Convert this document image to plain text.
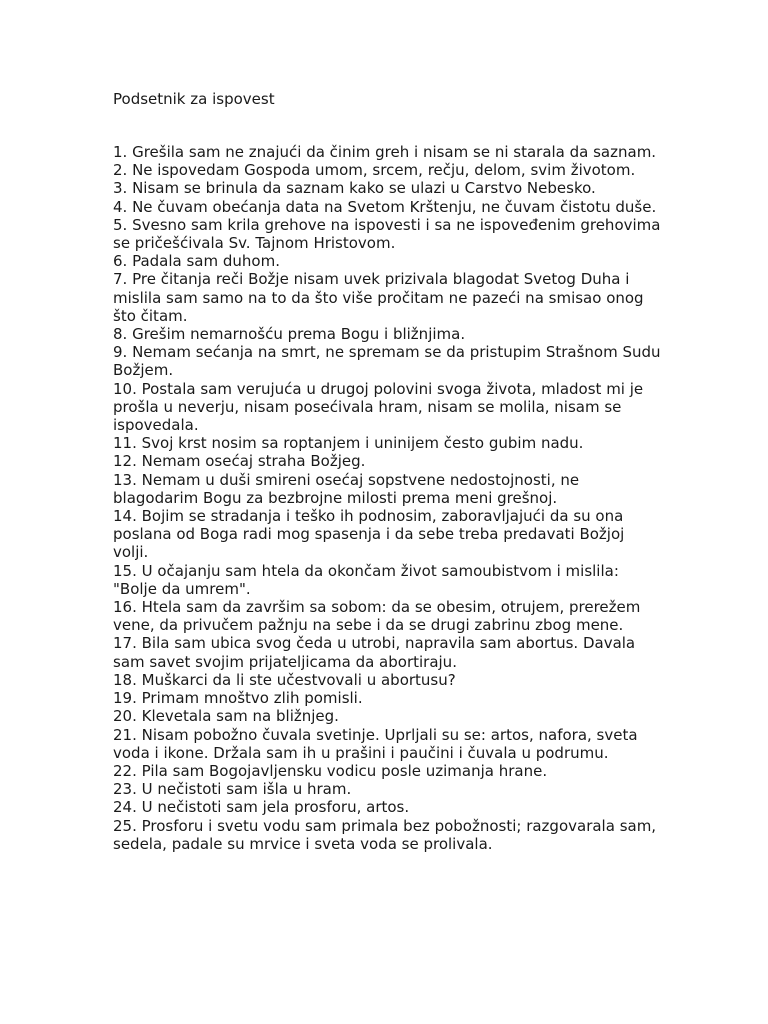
Podsetnik za ispovest
1. Grešila sam ne znajući da činim greh i nisam se ni starala da saznam.
2. Ne ispovedam Gospoda umom, srcem, rečju, delom, svim životom.
3. Nisam se brinula da saznam kako se ulazi u Carstvo Nebesko.
4. Ne čuvam obećanja data na Svetom Krštenju, ne čuvam čistotu duše.
5. Svesno sam krila grehove na ispovesti i sa ne ispovеđenim grehovima se pričešćivala Sv. Tajnom Hristovom.
6. Padala sam duhom.
7. Pre čitanja reči Božje nisam uvek prizivala blagodat Svetog Duha i mislila sam samo na to da što više pročitam ne pazeći na smisao onog što čitam.
8. Grešim nemarnošću prema Bogu i bližnjima.
9. Nemam sećanja na smrt, ne spremam se da pristupim Strašnom Sudu Božjem.
10. Postala sam verujuća u drugoj polovini svoga života, mladost mi je prošla u neverju, nisam posećivala hram, nisam se molila, nisam se ispovedala.
11. Svoj krst nosim sa roptanjem i uninijem često gubim nadu.
12. Nemam osećaj straha Božjeg.
13. Nemam u duši smireni osećaj sopstvene nedostojnosti, ne blagodarim Bogu za bezbrojne milosti prema meni grešnoj.
14. Bojim se stradanja i teško ih podnosim, zaboravljajući da su ona poslana od Boga radi mog spasenja i da sebe treba predavati Božjoj volji.
15. U očajanju sam htela da okončam život samoubistvom i mislila: "Bolje da umrem".
16. Htela sam da završim sa sobom: da se obesim, otrujem, prerežem vene, da privučem pažnju na sebe i da se drugi zabrinu zbog mene.
17. Bila sam ubica svog čeda u utrobi, napravila sam abortus. Davala sam savet svojim prijateljicama da abortiraju.
18. Muškarci da li ste učestvovali u abortusu?
19. Primam mnoštvo zlih pomisli.
20. Klevetala sam na bližnjeg.
21. Nisam pobožno čuvala svetinje. Uprljali su se: artos, nafora, sveta voda i ikone. Držala sam ih u prašini i paučini i čuvala u podrumu.
22. Pila sam Bogojavljensku vodicu posle uzimanja hrane.
23. U nečistoti sam išla u hram.
24. U nečistoti sam jela prosforu, artos.
25. Prosforu i svetu vodu sam primala bez pobožnosti; razgovarala sam, sedela, padale su mrvice i sveta voda se prolivala.
